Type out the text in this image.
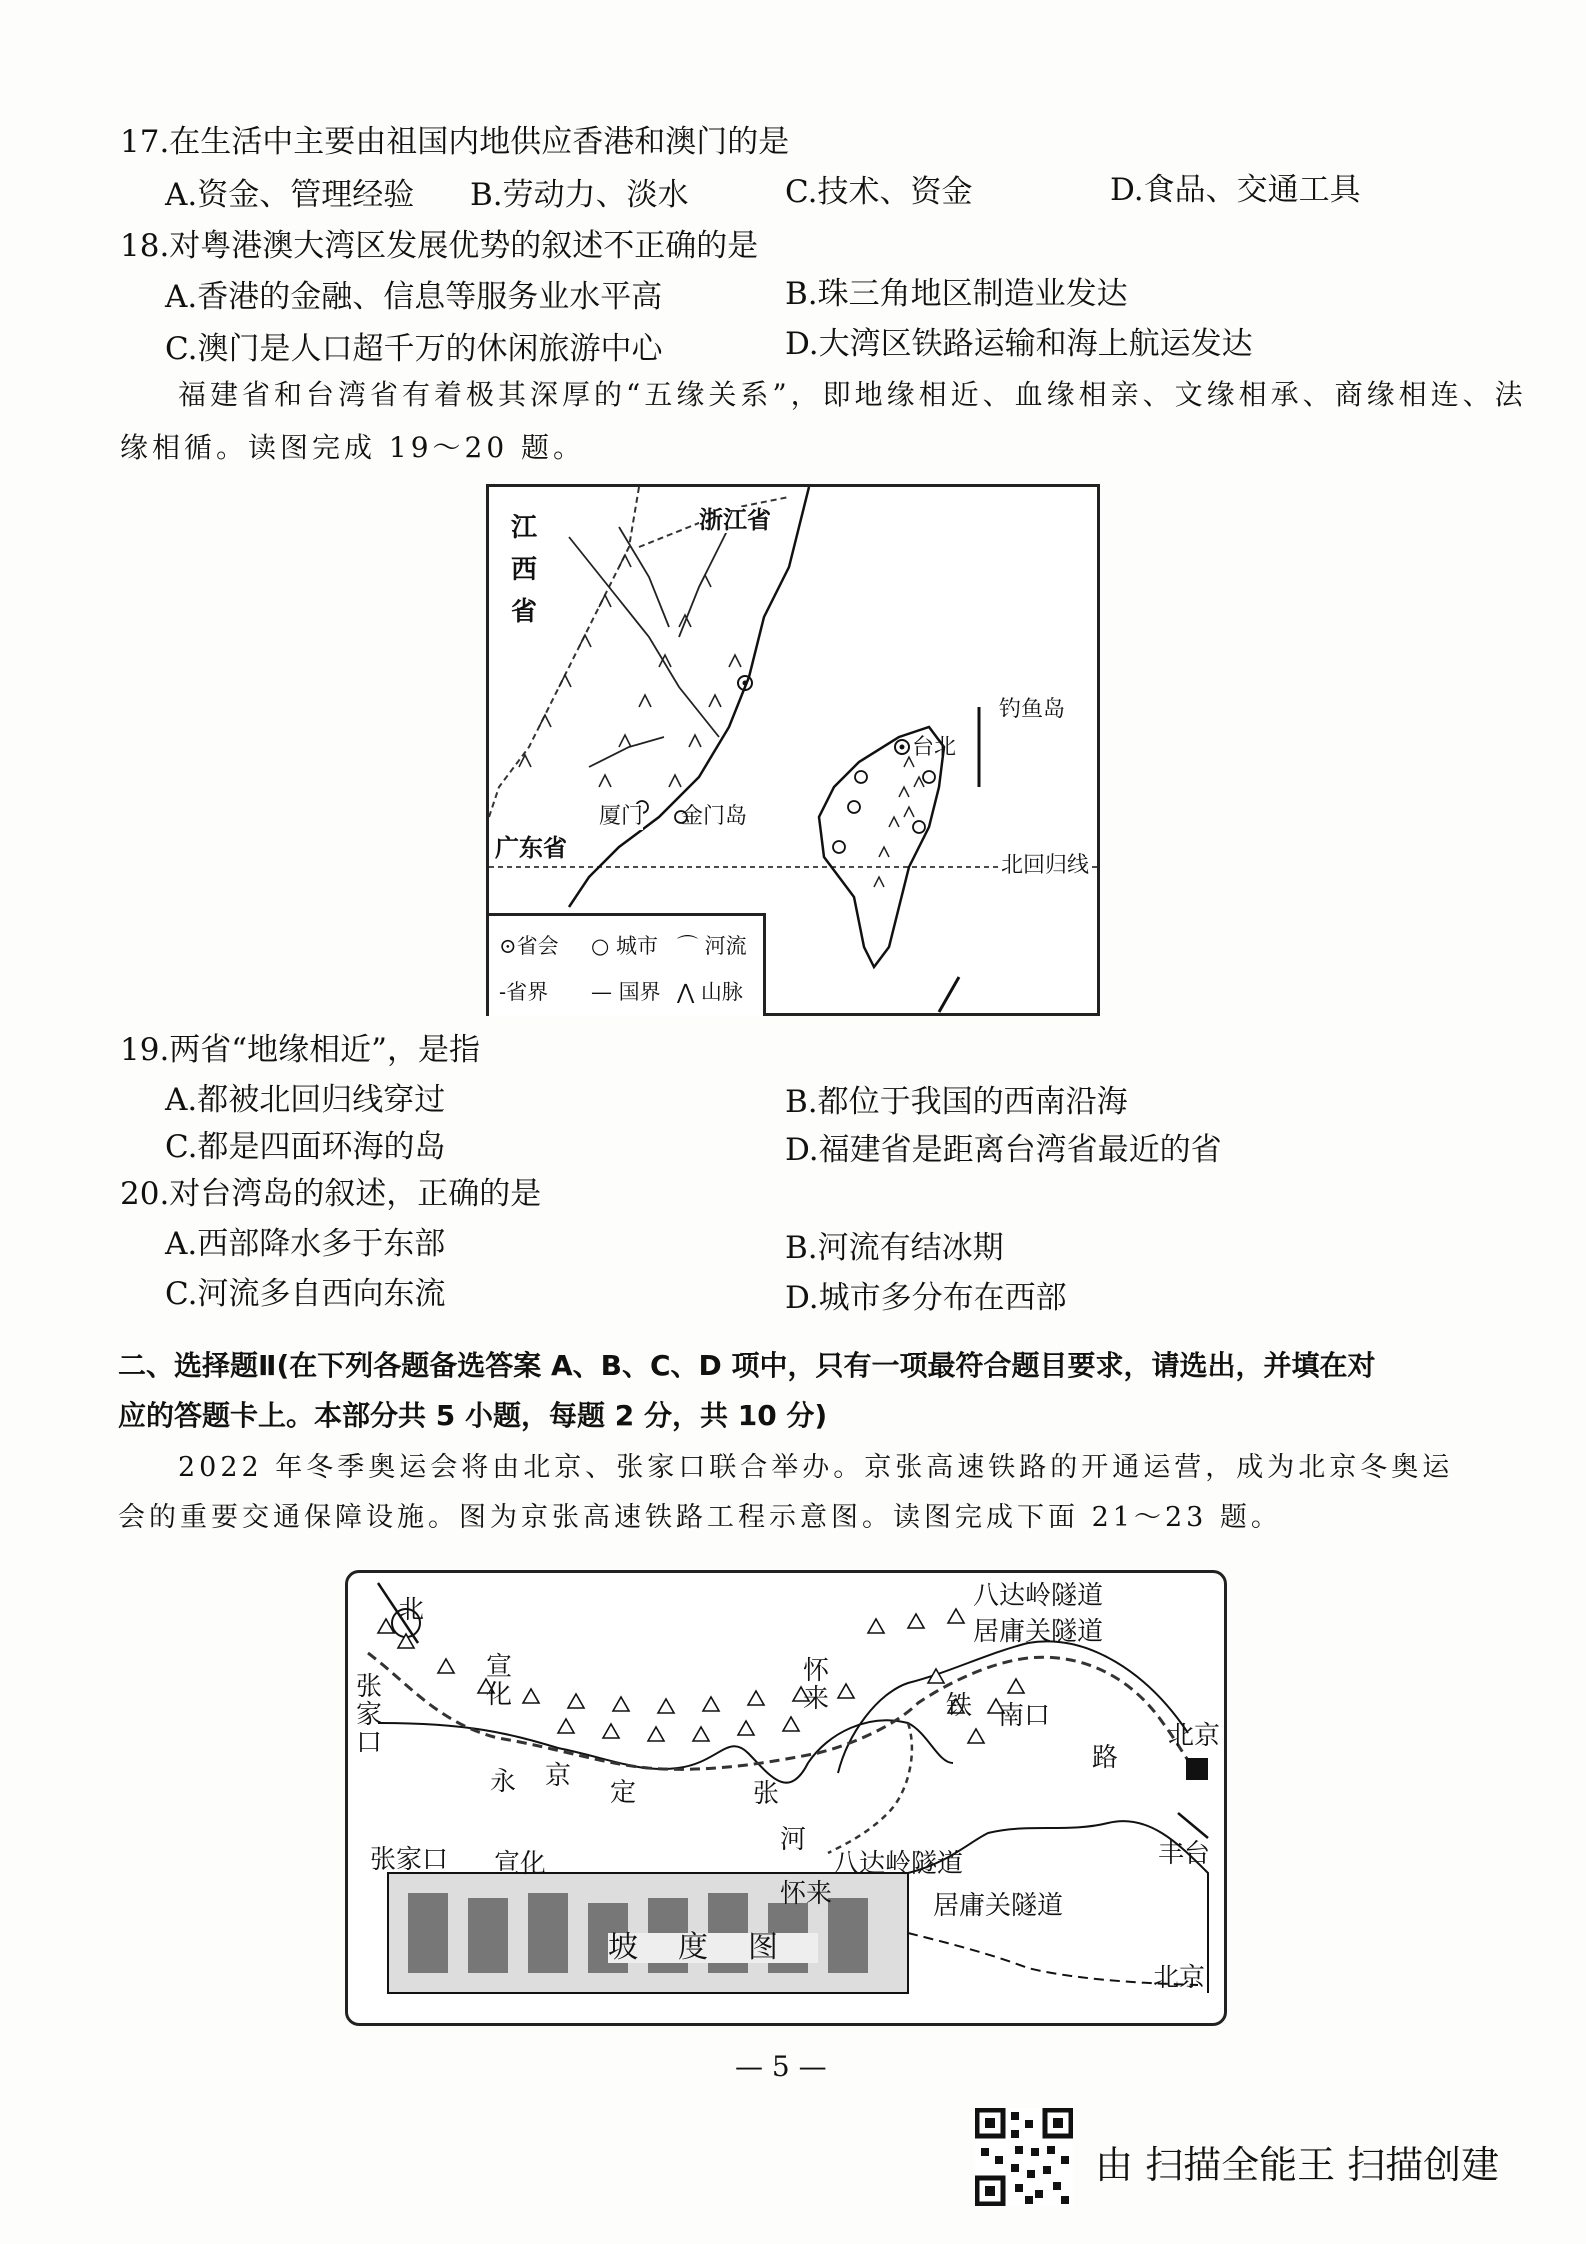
17.在生活中主要由祖国内地供应香港和澳门的是
A.资金、管理经验 B.劳动力、淡水	C.技术、资金	D.食品、交通工具
18.对粤港澳大湾区发展优势的叙述不正确的是
A.香港的金融、信息等服务业水平高	B.珠三角地区制造业发达
C.澳门是人口超千万的休闲旅游中心	D.大湾区铁路运输和海上航运发达
福建省和台湾省有着极其深厚的“五缘关系”，即地缘相近、血缘相亲、文缘相承、商缘相连、法
缘相循。读图完成 19～20 题。
江
西
省
浙江省
钓鱼岛
台北
厦门 金门岛
广东省
北回归线
⊙省会 ○ 城市 ⌒ 河流
-省界 — 国界 ⋀ 山脉
19.两省“地缘相近”，是指
A.都被北回归线穿过	B.都位于我国的西南沿海
C.都是四面环海的岛	D.福建省是距离台湾省最近的省
20.对台湾岛的叙述，正确的是
A.西部降水多于东部	B.河流有结冰期
C.河流多自西向东流	D.城市多分布在西部
二、选择题Ⅱ(在下列各题备选答案 A、B、C、D 项中，只有一项最符合题目要求，请选出，并填在对
应的答题卡上。本部分共 5 小题，每题 2 分，共 10 分)
2022 年冬季奥运会将由北京、张家口联合举办。京张高速铁路的开通运营，成为北京冬奥运
会的重要交通保障设施。图为京张高速铁路工程示意图。读图完成下面 21～23 题。
北
张
家
口
宣
化
怀
来
八达岭隧道
居庸关隧道
铁 南口
路
北京
丰台
永	定
河
京
张
张家口 宣化
怀来
八达岭隧道
居庸关隧道
北京
坡度图
— 5 —
由 扫描全能王 扫描创建
